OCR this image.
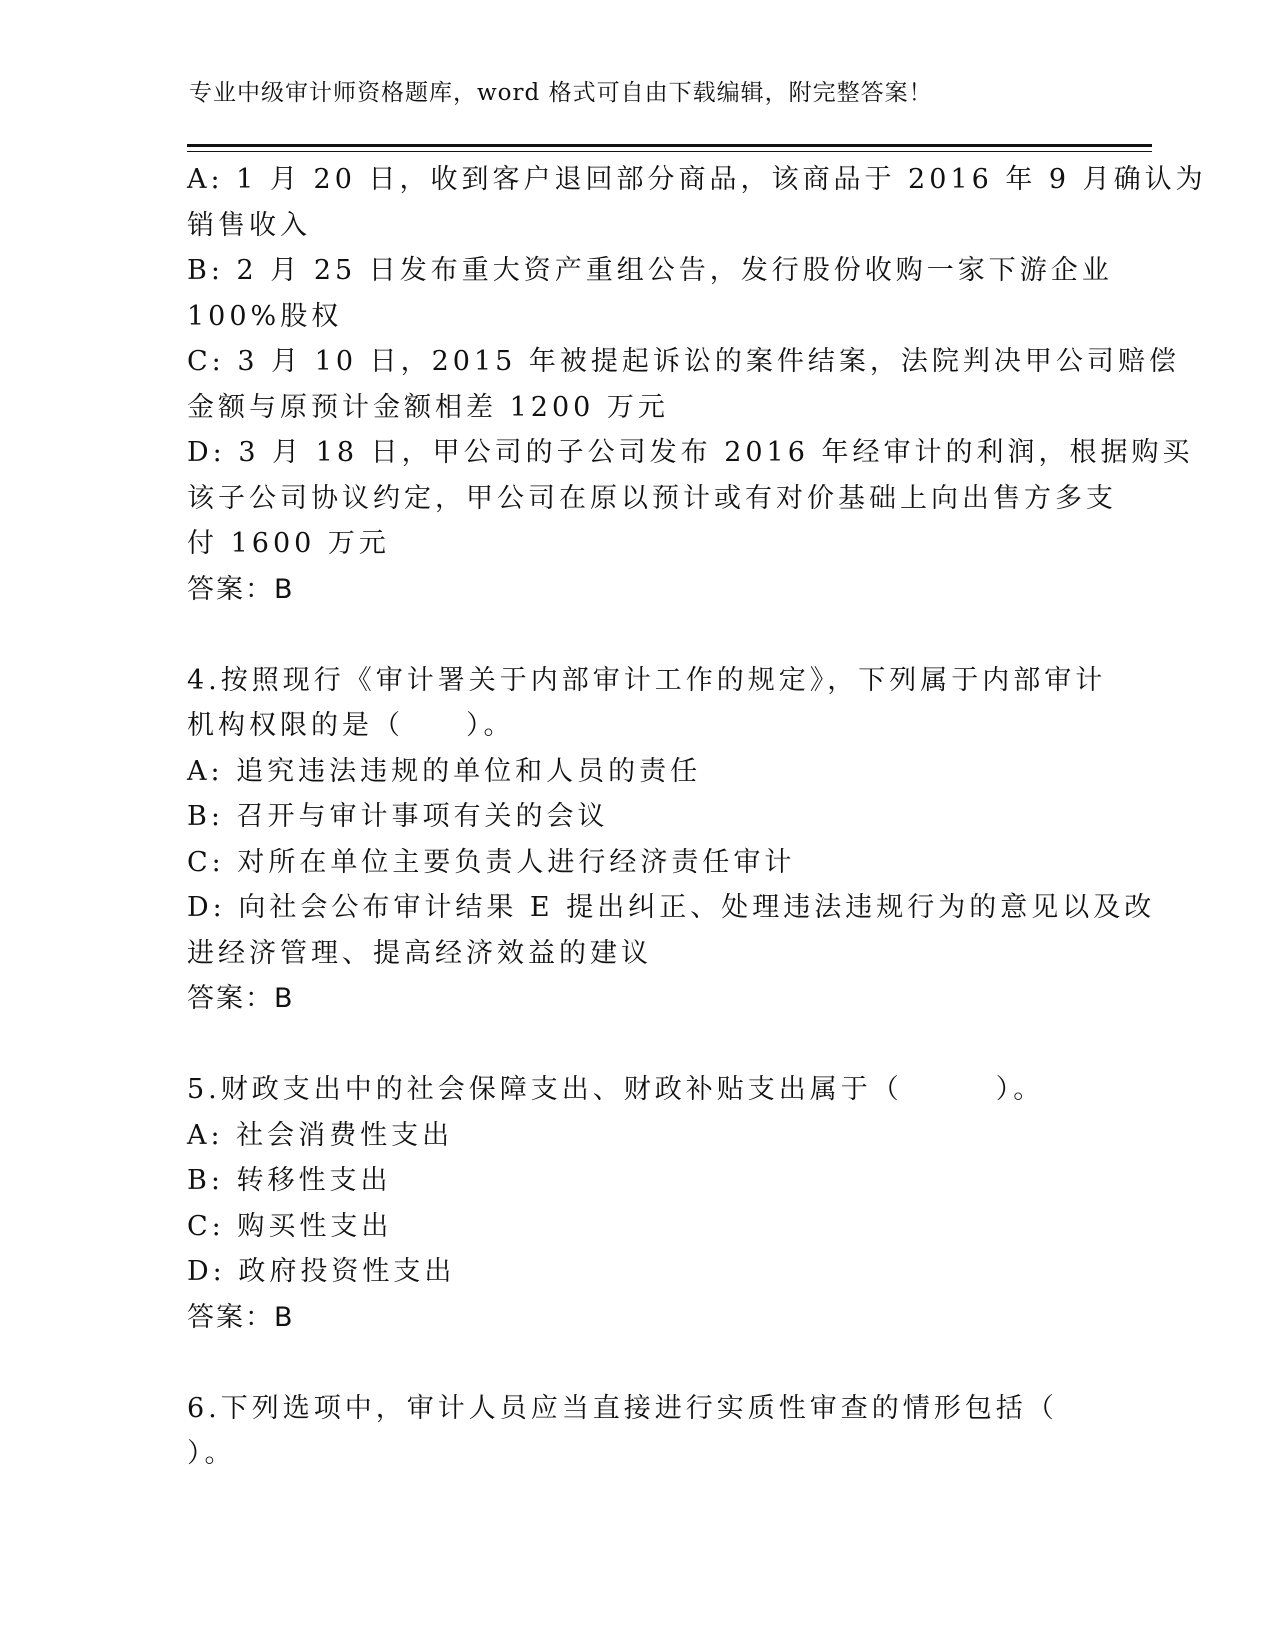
专业中级审计师资格题库，word 格式可自由下载编辑，附完整答案！
A: 1 月 20 日，收到客户退回部分商品，该商品于 2016 年 9 月确认为
销售收入
B: 2 月 25 日发布重大资产重组公告，发行股份收购一家下游企业
100%股权
C: 3 月 10 日，2015 年被提起诉讼的案件结案，法院判决甲公司赔偿
金额与原预计金额相差 1200 万元
D: 3 月 18 日，甲公司的子公司发布 2016 年经审计的利润，根据购买
该子公司协议约定，甲公司在原以预计或有对价基础上向出售方多支
付 1600 万元
答案：B
4.按照现行《审计署关于内部审计工作的规定》，下列属于内部审计
机构权限的是（　　）。
A: 追究违法违规的单位和人员的责任
B: 召开与审计事项有关的会议
C: 对所在单位主要负责人进行经济责任审计
D: 向社会公布审计结果 E 提出纠正、处理违法违规行为的意见以及改
进经济管理、提高经济效益的建议
答案：B
5.财政支出中的社会保障支出、财政补贴支出属于（　　　）。
A: 社会消费性支出
B: 转移性支出
C: 购买性支出
D: 政府投资性支出
答案：B
6.下列选项中，审计人员应当直接进行实质性审查的情形包括（
）。
